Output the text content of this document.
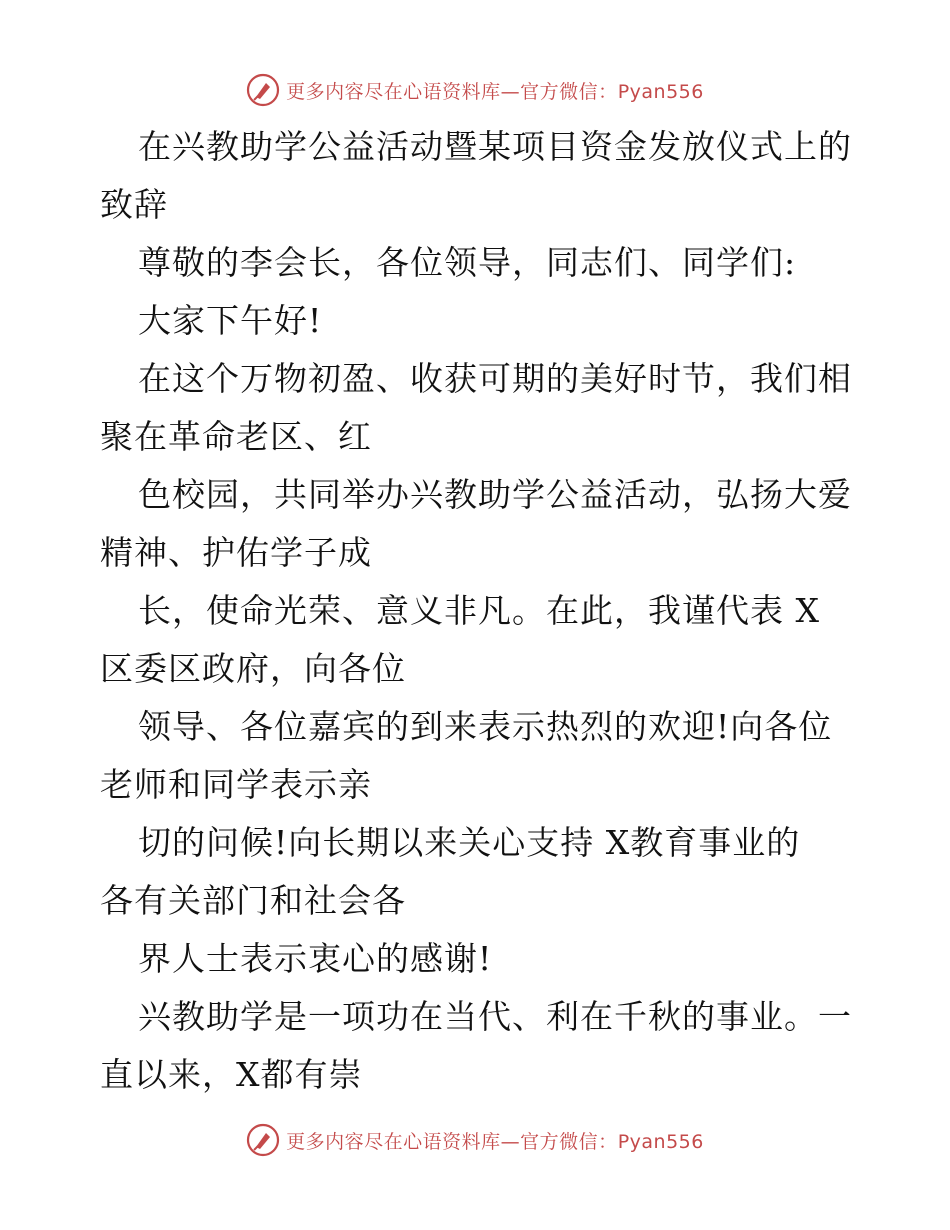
更多内容尽在心语资料库—官方微信：Pyan556
在兴教助学公益活动暨某项目资金发放仪式上的
致辞
尊敬的李会长，各位领导，同志们、同学们:
大家下午好!
在这个万物初盈、收获可期的美好时节，我们相
聚在革命老区、红
色校园，共同举办兴教助学公益活动，弘扬大爱
精神、护佑学子成
长，使命光荣、意义非凡。在此，我谨代表 X
区委区政府，向各位
领导、各位嘉宾的到来表示热烈的欢迎!向各位
老师和同学表示亲
切的问候!向长期以来关心支持 X教育事业的
各有关部门和社会各
界人士表示衷心的感谢!
兴教助学是一项功在当代、利在千秋的事业。一
直以来，X都有崇
更多内容尽在心语资料库—官方微信：Pyan556
